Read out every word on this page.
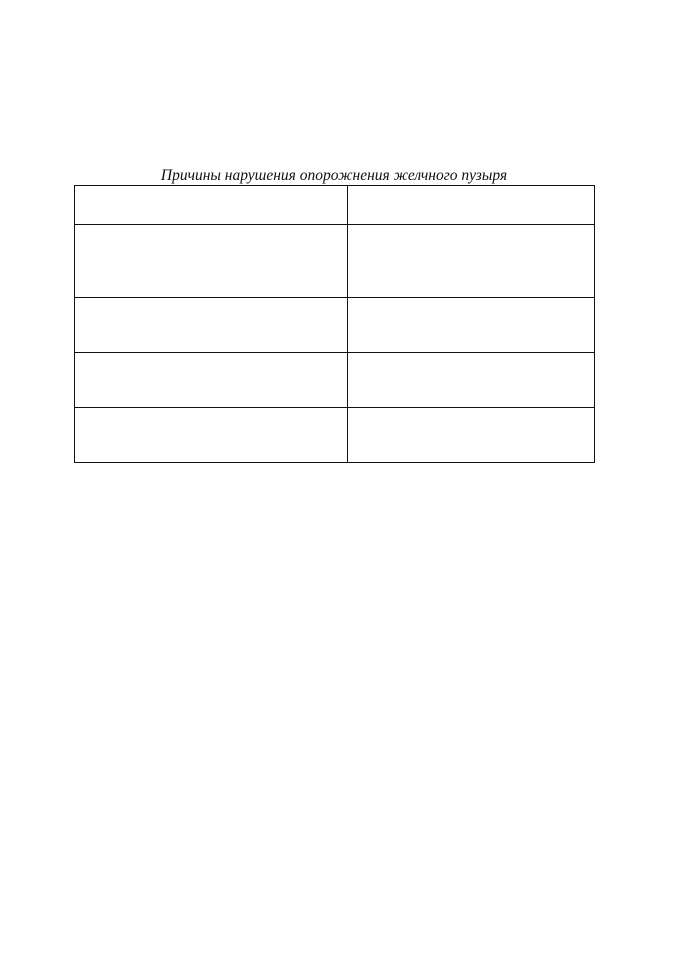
Причины нарушения опорожнения желчного пузыря
